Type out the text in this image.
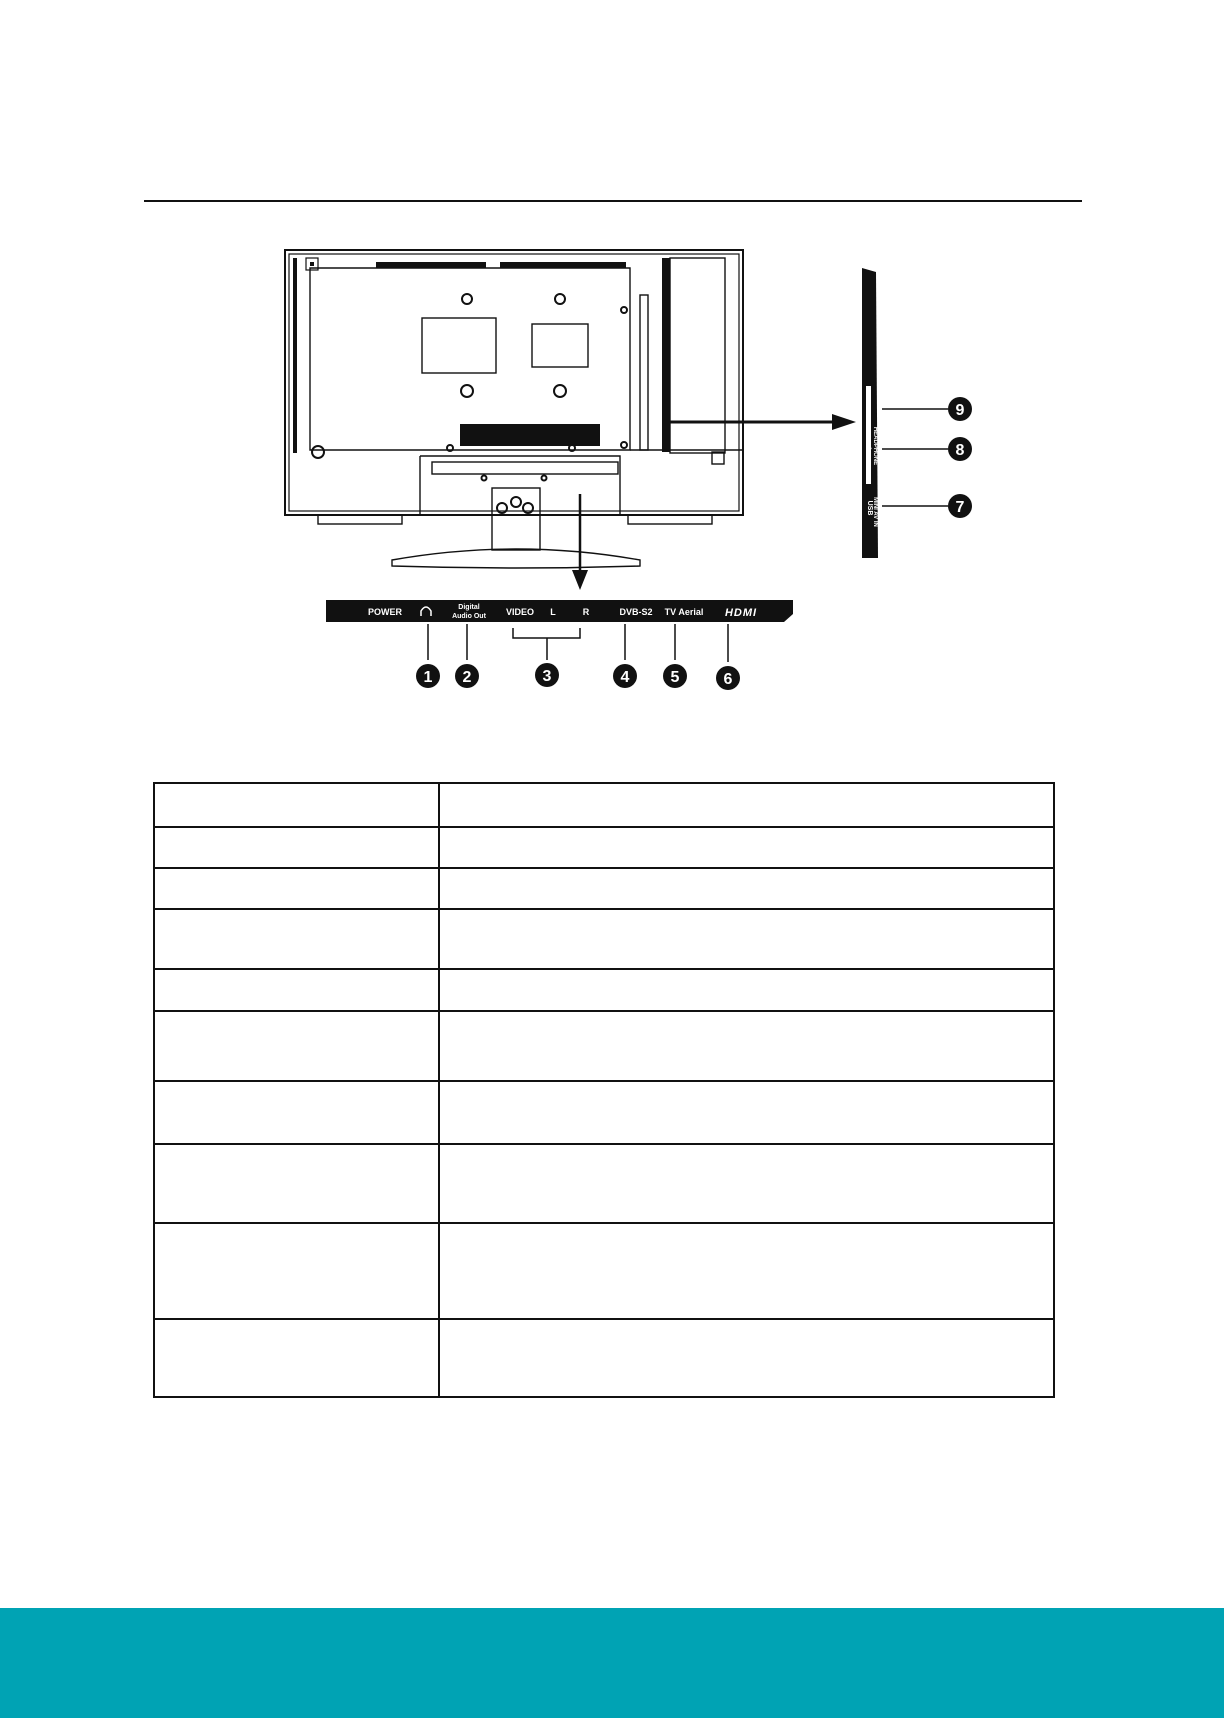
Common Interface HEADPHONE
USB MINI AV IN
POWER	Digital
Audio Out VIDEO L	R	DVB-S2 TV Aerial HDMI
1 2	3	4	5	6
7
8
9
